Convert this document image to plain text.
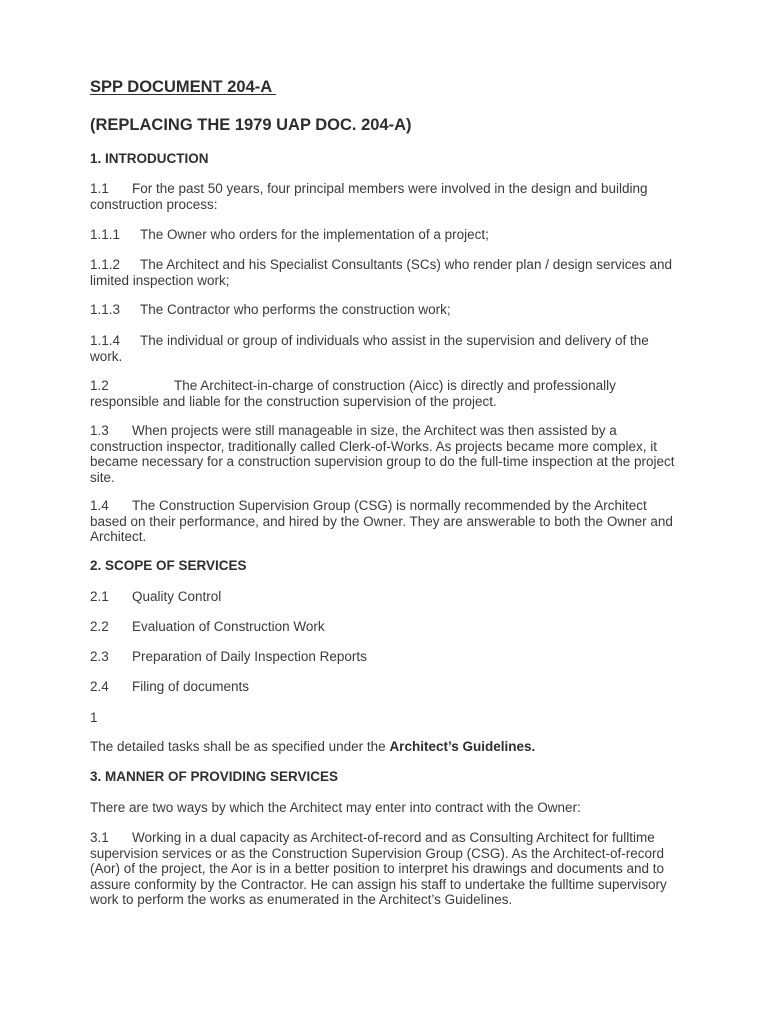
SPP DOCUMENT 204-A
(REPLACING THE 1979 UAP DOC. 204-A)
1. INTRODUCTION
1.1 For the past 50 years, four principal members were involved in the design and building construction process:
1.1.1 The Owner who orders for the implementation of a project;
1.1.2 The Architect and his Specialist Consultants (SCs) who render plan / design services and limited inspection work;
1.1.3 The Contractor who performs the construction work;
1.1.4 The individual or group of individuals who assist in the supervision and delivery of the work.
1.2	The Architect-in-charge of construction (Aicc) is directly and professionally responsible and liable for the construction supervision of the project.
1.3 When projects were still manageable in size, the Architect was then assisted by a construction inspector, traditionally called Clerk-of-Works. As projects became more complex, it became necessary for a construction supervision group to do the full-time inspection at the project site.
1.4 The Construction Supervision Group (CSG) is normally recommended by the Architect based on their performance, and hired by the Owner. They are answerable to both the Owner and Architect.
2. SCOPE OF SERVICES
2.1 Quality Control
2.2 Evaluation of Construction Work
2.3 Preparation of Daily Inspection Reports
2.4 Filing of documents
1
The detailed tasks shall be as specified under the Architect’s Guidelines.
3. MANNER OF PROVIDING SERVICES
There are two ways by which the Architect may enter into contract with the Owner:
3.1 Working in a dual capacity as Architect-of-record and as Consulting Architect for fulltime supervision services or as the Construction Supervision Group (CSG). As the Architect-of-record (Aor) of the project, the Aor is in a better position to interpret his drawings and documents and to assure conformity by the Contractor. He can assign his staff to undertake the fulltime supervisory work to perform the works as enumerated in the Architect’s Guidelines.
